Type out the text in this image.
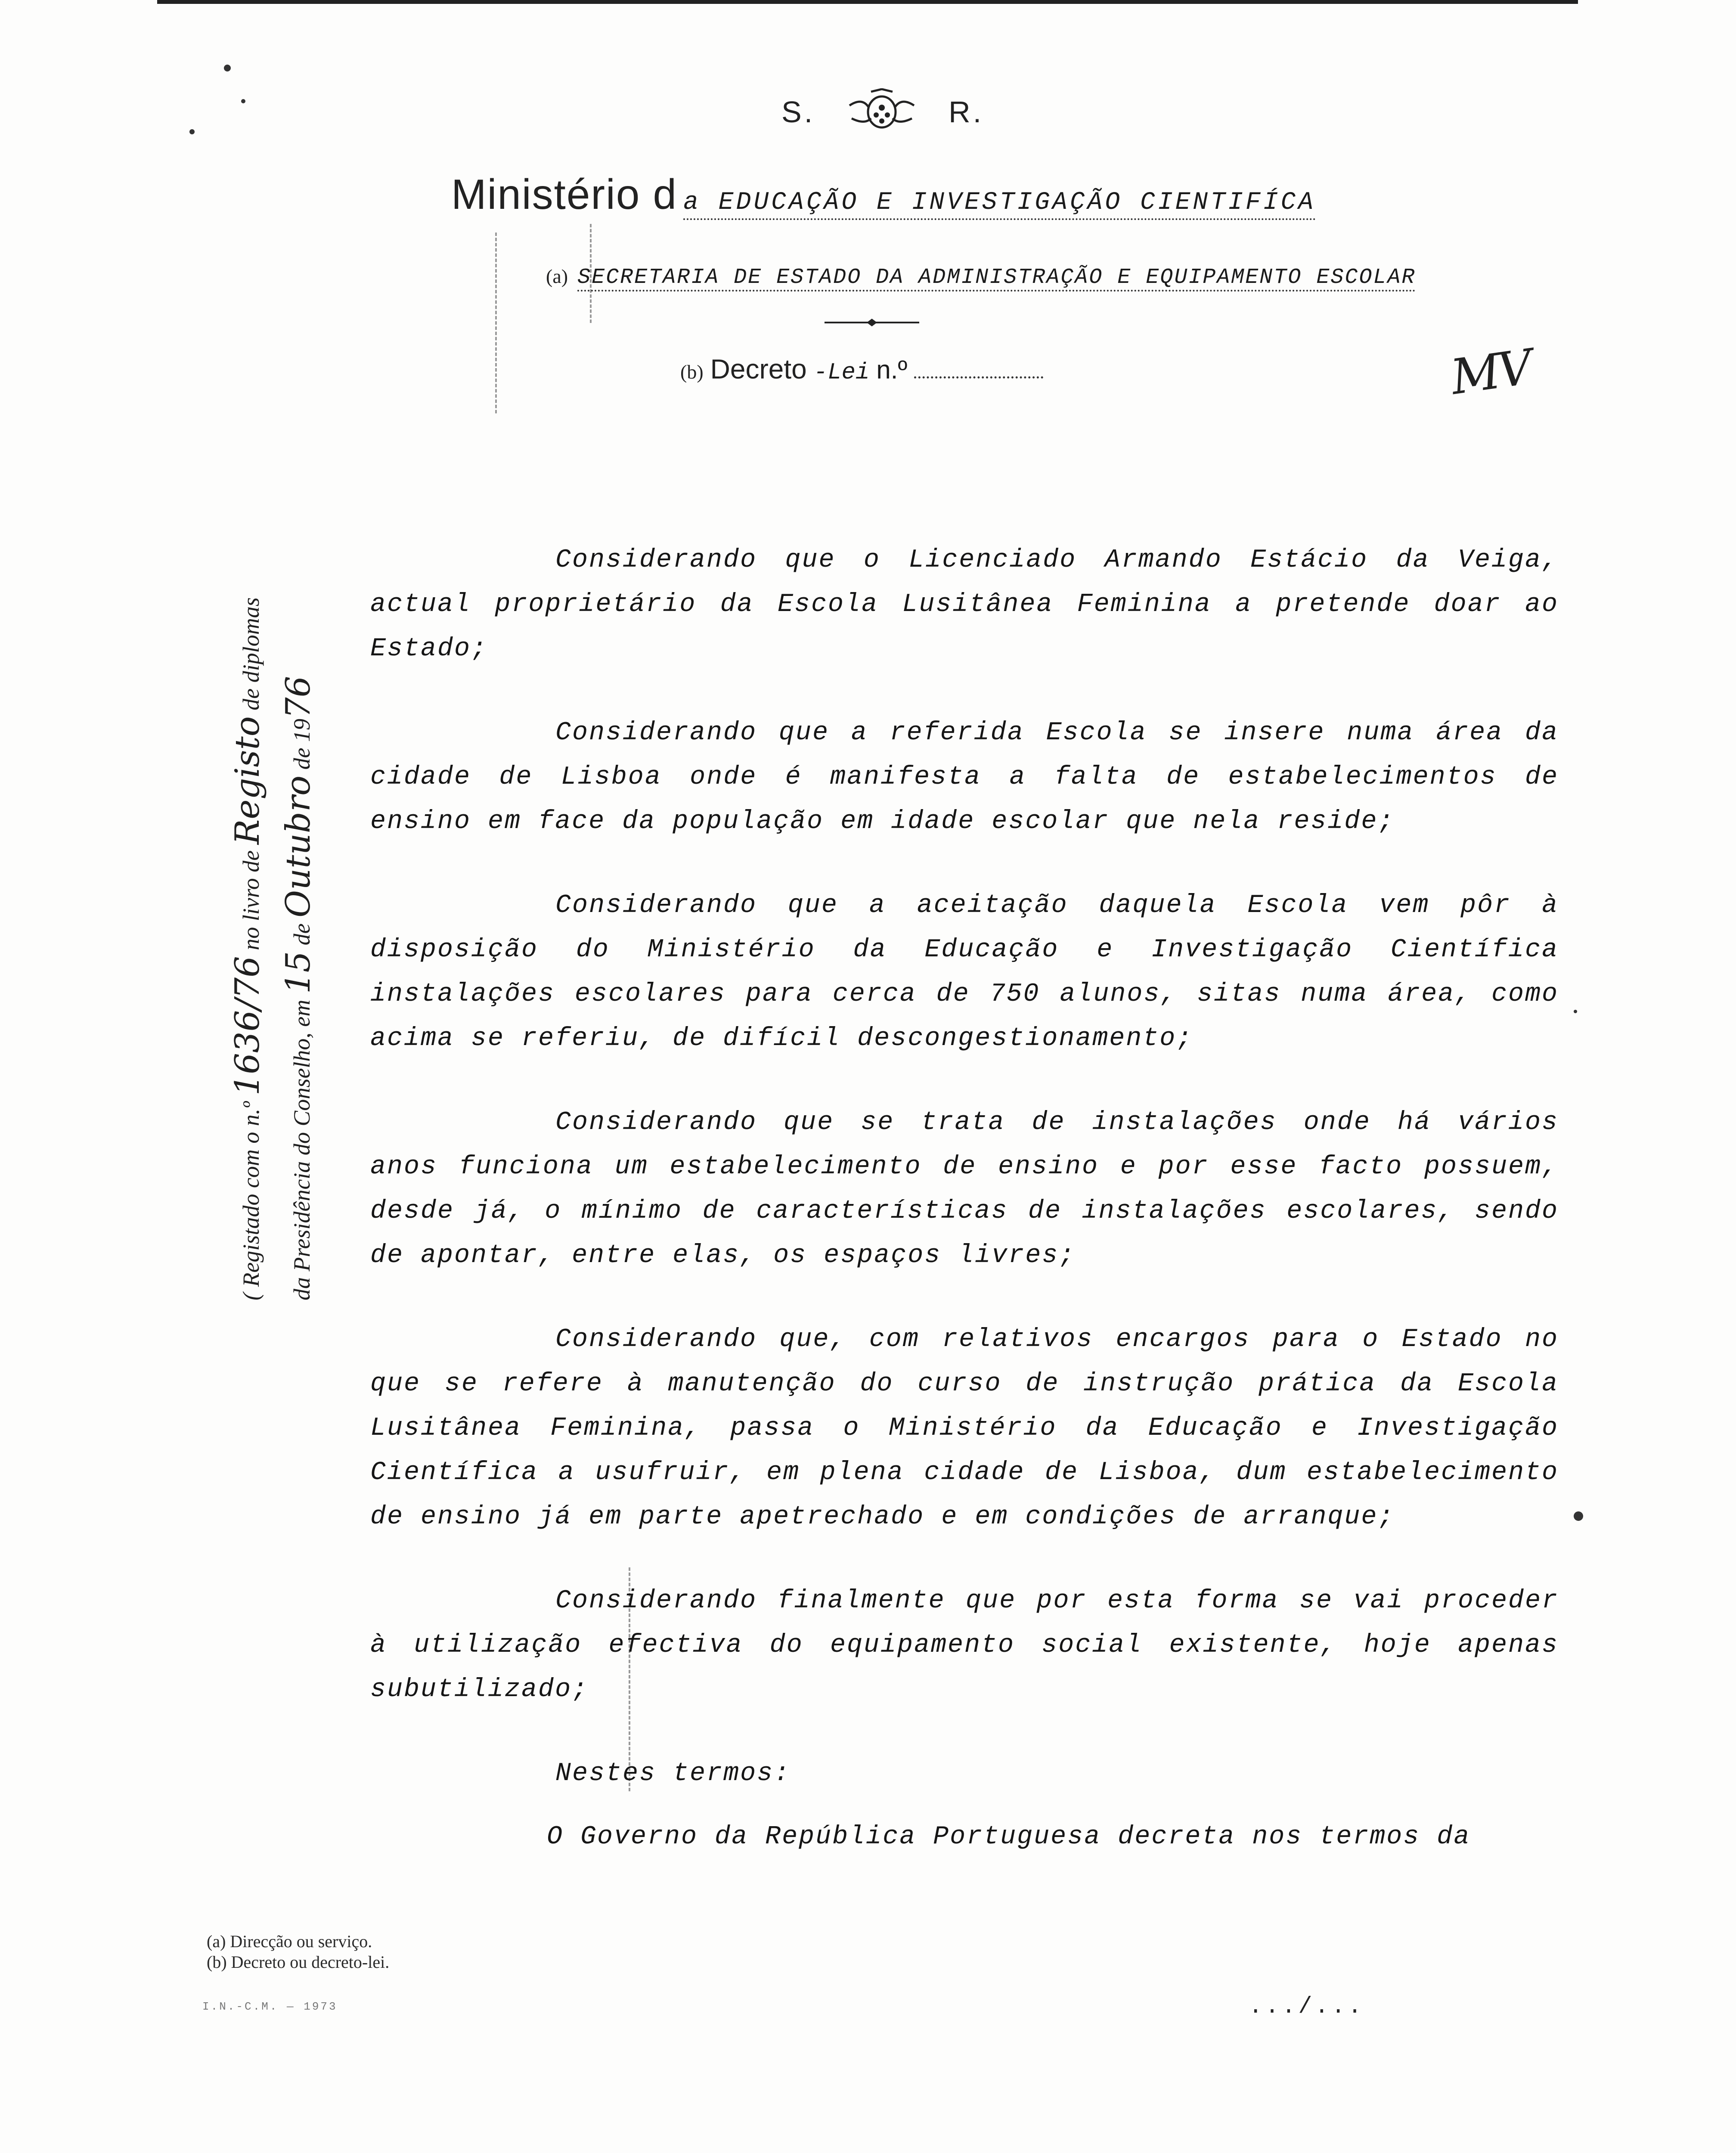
S.	R.
Ministério d a EDUCAÇÃO E INVESTIGAÇÃO CIENTIFÍCA
(a) SECRETARIA DE ESTADO DA ADMINISTRAÇÃO E EQUIPAMENTO ESCOLAR
(b) Decreto -Lei n.º	MV
( Registado com o n.º 1636/76 no livro de Registo de diplomas
da Presidência do Conselho, em 15 de Outubro de 1976

Considerando que o Licenciado Armando Estácio da Veiga, actual proprietário da Escola Lusitânea Feminina a pretende doar ao Estado;

Considerando que a referida Escola se insere numa área da cidade de Lisboa onde é manifesta a falta de estabelecimentos de ensino em face da população em idade escolar que nela reside;

Considerando que a aceitação daquela Escola vem pôr à disposição do Ministério da Educação e Investigação Científica instalações escolares para cerca de 750 alunos, sitas numa área, como acima se referiu, de difícil descongestionamento;

Considerando que se trata de instalações onde há vários anos funciona um estabelecimento de ensino e por esse facto possuem, desde já, o mínimo de características de instalações escolares, sendo de apontar, entre elas, os espaços livres;

Considerando que, com relativos encargos para o Estado no que se refere à manutenção do curso de instrução prática da Escola Lusitânea Feminina, passa o Ministério da Educação e Investigação Científica a usufruir, em plena cidade de Lisboa, dum estabelecimento de ensino já em parte apetrechado e em condições de arranque;

Considerando finalmente que por esta forma se vai proceder à utilização efectiva do equipamento social existente, hoje apenas subutilizado;

Nestes termos:

O Governo da República Portuguesa decreta nos termos da

(a) Direcção ou serviço.
(b) Decreto ou decreto-lei.
I.N.-C.M. — 1973	.../...
